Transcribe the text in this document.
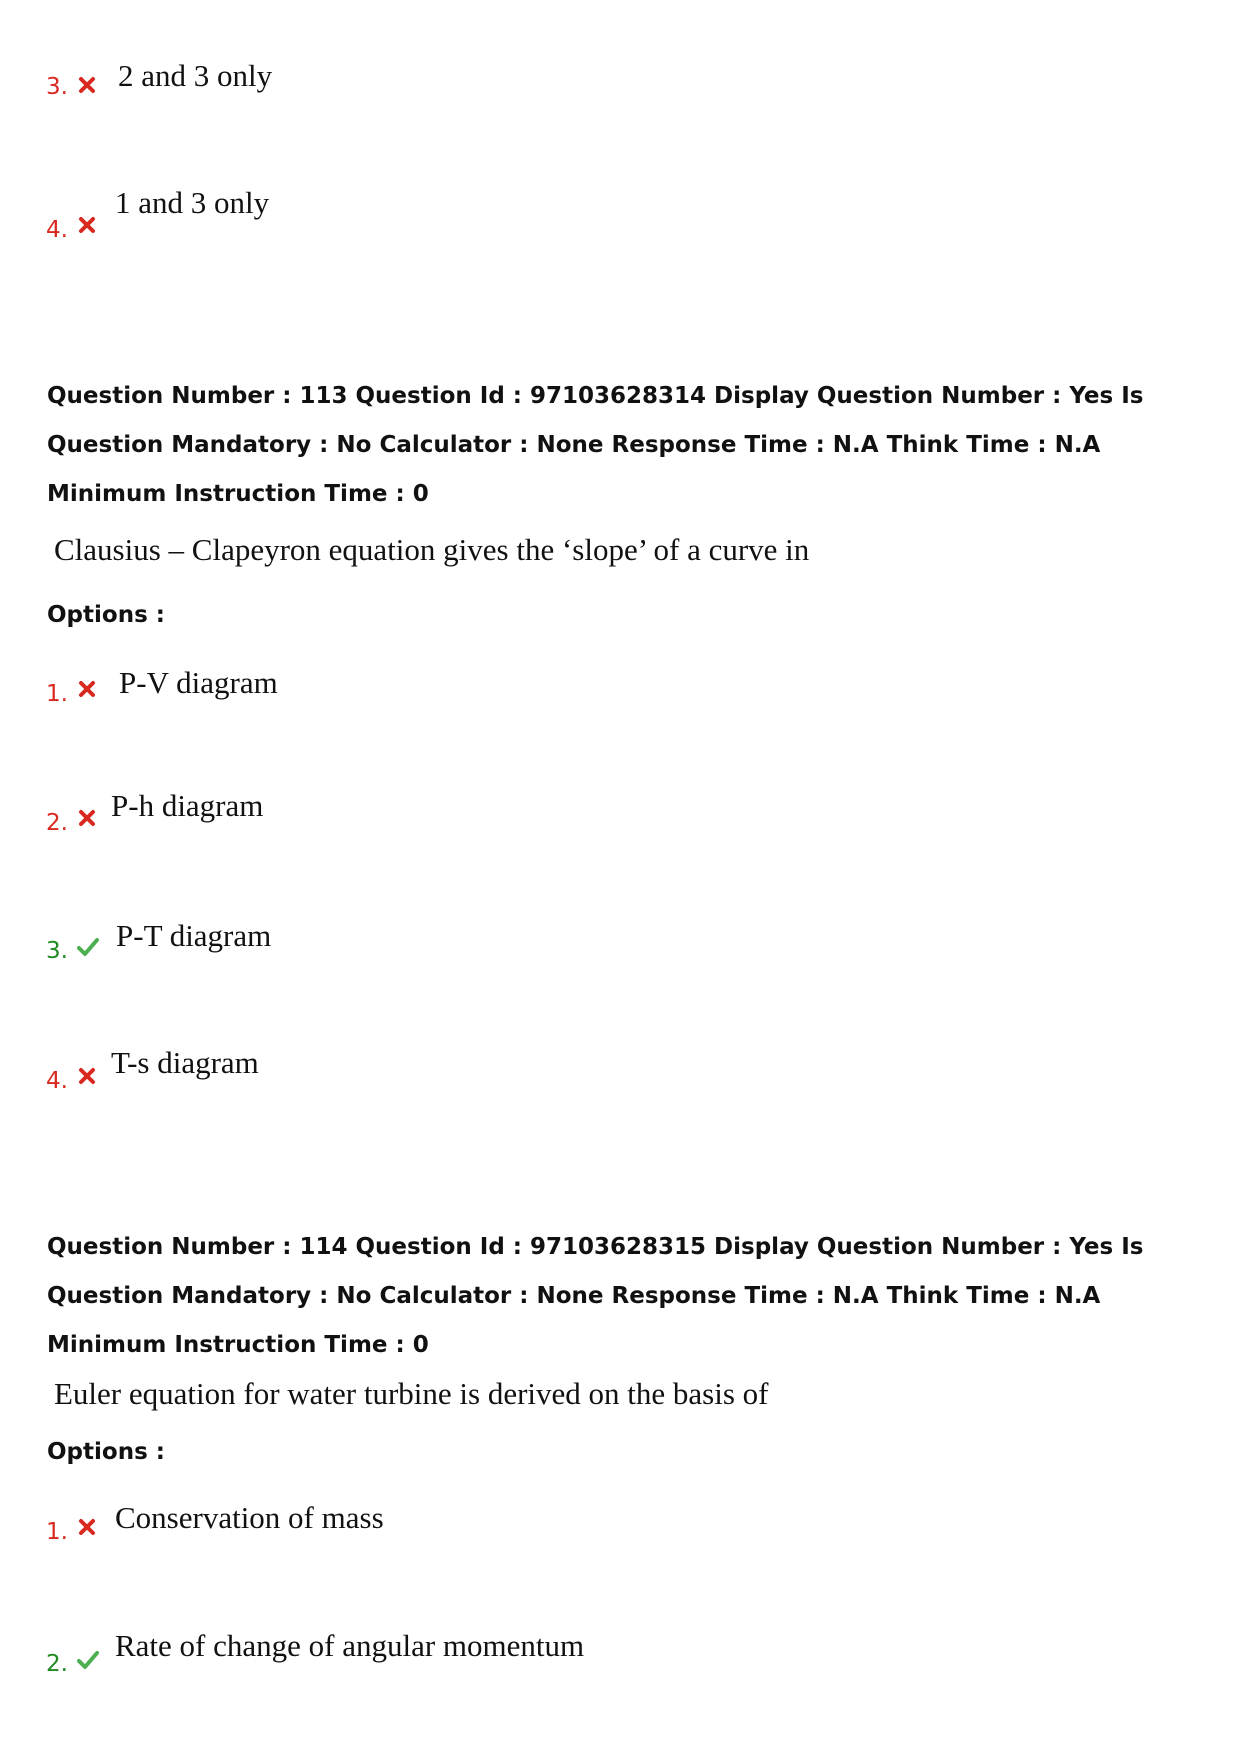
3. 2 and 3 only
4.
1 and 3 only
Question Number : 113 Question Id : 97103628314 Display Question Number : Yes Is Question Mandatory : No Calculator : None Response Time : N.A Think Time : N.A Minimum Instruction Time : 0
Clausius – Clapeyron equation gives the ‘slope’ of a curve in
Options :
1. P-V diagram
2. P-h diagram
3. P-T diagram
4.
T-s diagram
Question Number : 114 Question Id : 97103628315 Display Question Number : Yes Is Question Mandatory : No Calculator : None Response Time : N.A Think Time : N.A Minimum Instruction Time : 0
Euler equation for water turbine is derived on the basis of
Options :
1. Conservation of mass
2.
Rate of change of angular momentum
